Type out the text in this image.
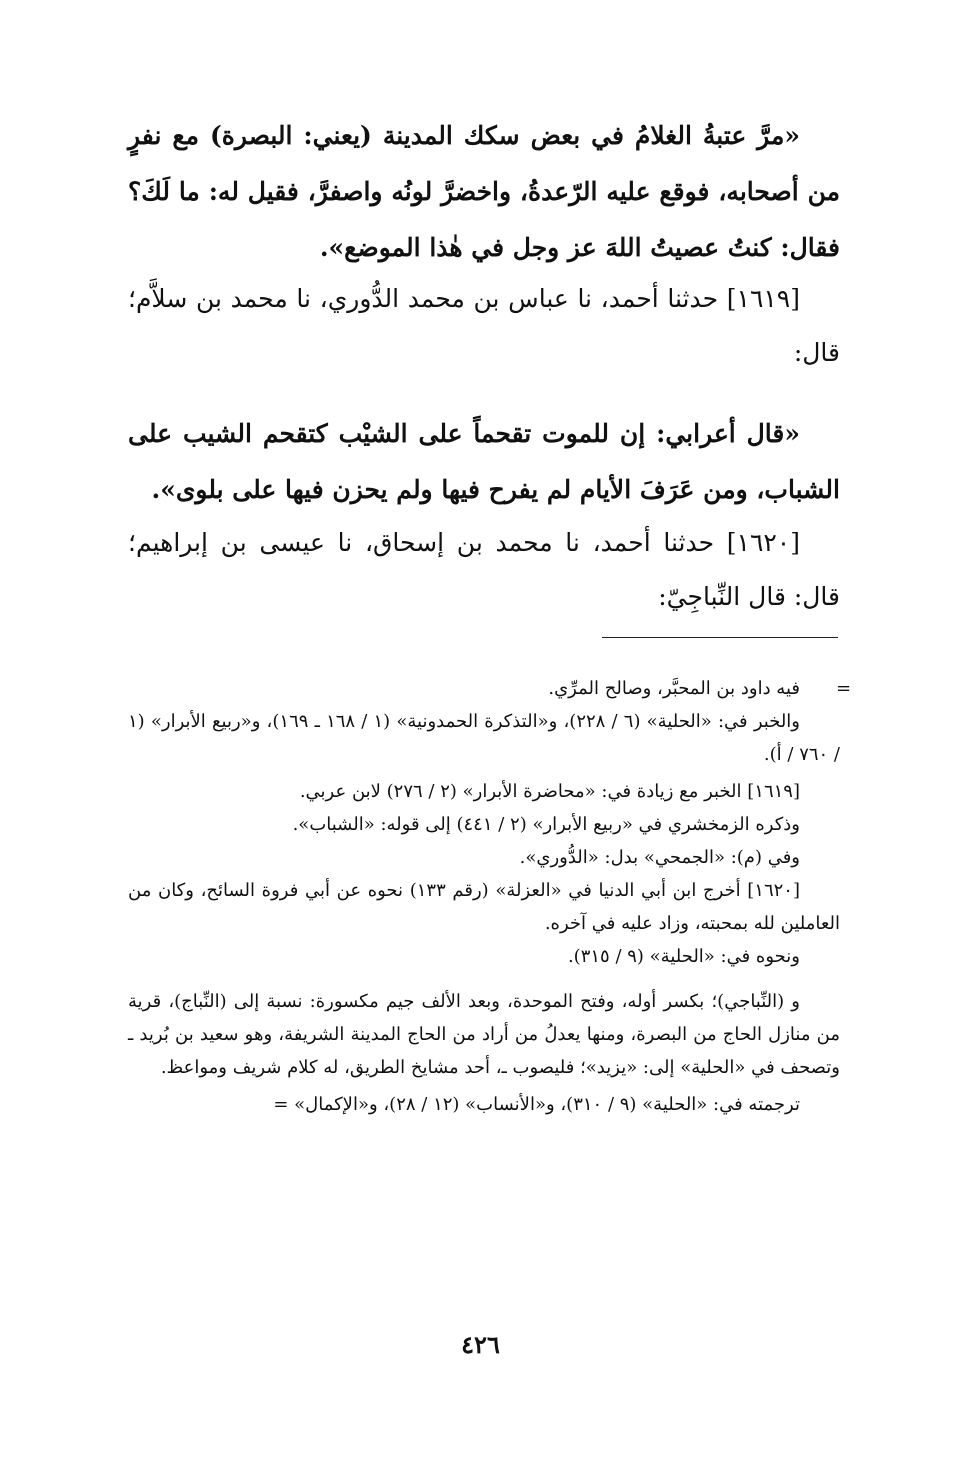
«مرَّ عتبةُ الغلامُ في بعض سكك المدينة (يعني: البصرة) مع نفرٍ من أصحابه، فوقع عليه الرّعدةُ، واخضرَّ لونُه واصفرَّ، فقيل له: ما لَكَ؟ فقال: كنتُ عصيتُ اللهَ عز وجل في هٰذا الموضع».

[١٦١٩] حدثنا أحمد، نا عباس بن محمد الدُّوري، نا محمد بن سلاَّم؛ قال:

«قال أعرابي: إن للموت تقحماً على الشيْب كتقحم الشيب على الشباب، ومن عَرَفَ الأيام لم يفرح فيها ولم يحزن فيها على بلوى».

[١٦٢٠] حدثنا أحمد، نا محمد بن إسحاق، نا عيسى بن إبراهيم؛ قال: قال النِّباجِيّ:

=

فيه داود بن المحبَّر، وصالح المرِّي.

والخبر في: «الحلية» (٦ / ٢٢٨)، و«التذكرة الحمدونية» (١ / ١٦٨ ـ ١٦٩)، و«ربيع الأبرار» (١ / ٧٦٠ / أ).

[١٦١٩] الخبر مع زيادة في: «محاضرة الأبرار» (٢ / ٢٧٦) لابن عربي.

وذكره الزمخشري في «ربيع الأبرار» (٢ / ٤٤١) إلى قوله: «الشباب».

وفي (م): «الجمحي» بدل: «الدُّوري».

[١٦٢٠] أخرج ابن أبي الدنيا في «العزلة» (رقم ١٣٣) نحوه عن أبي فروة السائح، وكان من العاملين لله بمحبته، وزاد عليه في آخره.

ونحوه في: «الحلية» (٩ / ٣١٥).

و (النِّباجي)؛ بكسر أوله، وفتح الموحدة، وبعد الألف جيم مكسورة: نسبة إلى (النِّباج)، قرية من منازل الحاج من البصرة، ومنها يعدلُ من أراد من الحاج المدينة الشريفة، وهو سعيد بن بُريد ـ وتصحف في «الحلية» إلى: «يزيد»؛ فليصوب ـ، أحد مشايخ الطريق، له كلام شريف ومواعظ.

ترجمته في: «الحلية» (٩ / ٣١٠)، و«الأنساب» (١٢ / ٢٨)، و«الإكمال» =

٤٢٦
